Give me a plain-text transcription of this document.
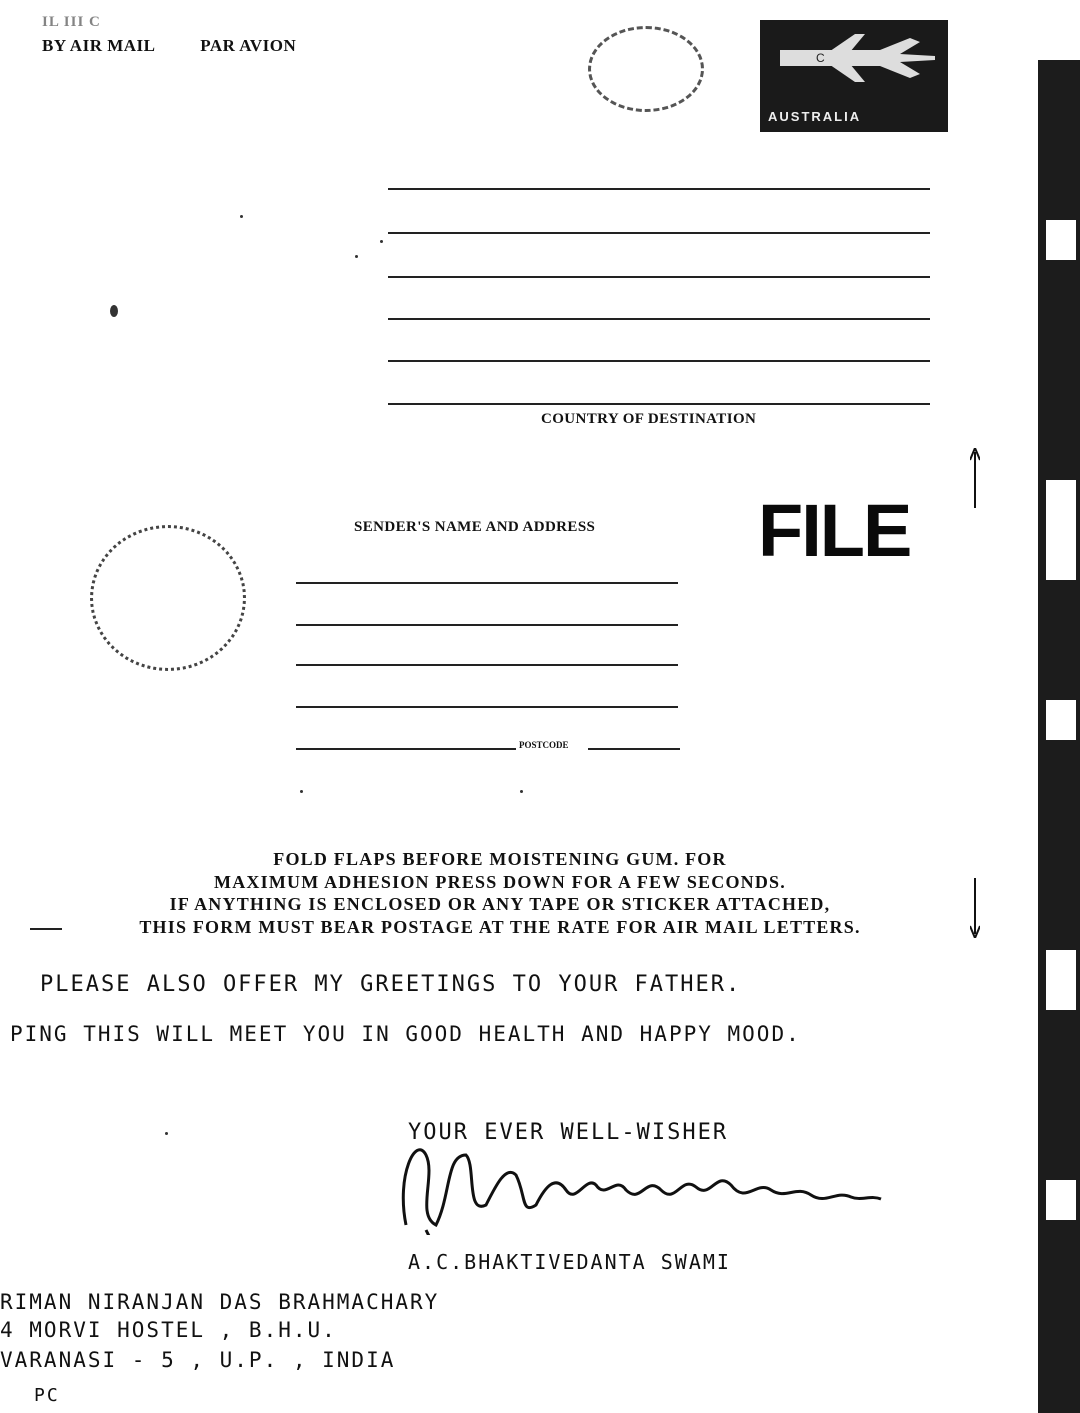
IL III C
BY AIR MAIL	PAR AVION
C
AUSTRALIA
COUNTRY OF DESTINATION
FILE
SENDER'S NAME AND ADDRESS
POSTCODE
FOLD FLAPS BEFORE MOISTENING GUM. FOR
MAXIMUM ADHESION PRESS DOWN FOR A FEW SECONDS.
IF ANYTHING IS ENCLOSED OR ANY TAPE OR STICKER ATTACHED,
THIS FORM MUST BEAR POSTAGE AT THE RATE FOR AIR MAIL LETTERS.
PLEASE ALSO OFFER MY GREETINGS TO YOUR FATHER.
PING THIS WILL MEET YOU IN GOOD HEALTH AND HAPPY MOOD.
YOUR EVER WELL-WISHER
A.C.BHAKTIVEDANTA SWAMI
RIMAN NIRANJAN DAS BRAHMACHARY
4 MORVI HOSTEL , B.H.U.
VARANASI - 5 , U.P. , INDIA
PC
